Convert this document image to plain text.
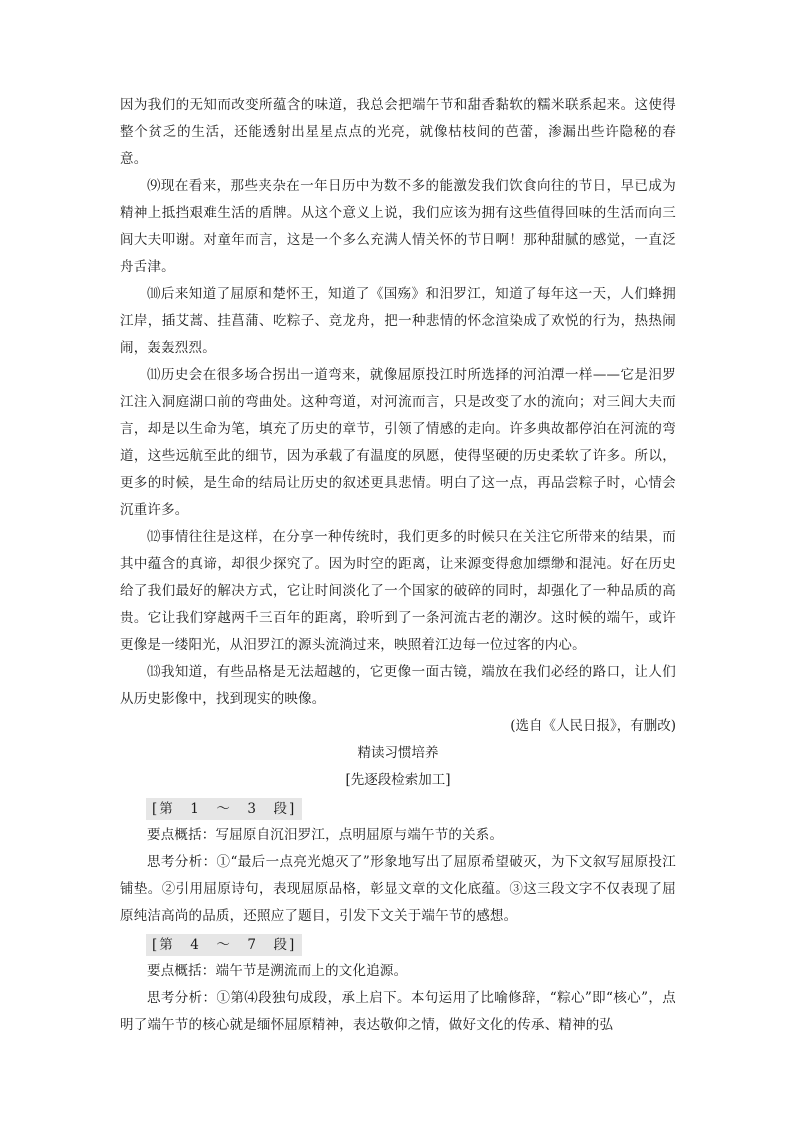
因为我们的无知而改变所蕴含的味道，我总会把端午节和甜香黏软的糯米联系起来。这使得整个贫乏的生活，还能透射出星星点点的光亮，就像枯枝间的芭蕾，渗漏出些许隐秘的春意。

⑼现在看来，那些夹杂在一年日历中为数不多的能激发我们饮食向往的节日，早已成为精神上抵挡艰难生活的盾牌。从这个意义上说，我们应该为拥有这些值得回味的生活而向三闾大夫叩谢。对童年而言，这是一个多么充满人情关怀的节日啊！那种甜腻的感觉，一直泛舟舌津。

⑽后来知道了屈原和楚怀王，知道了《国殇》和汨罗江，知道了每年这一天，人们蜂拥江岸，插艾蒿、挂菖蒲、吃粽子、竞龙舟，把一种悲情的怀念渲染成了欢悦的行为，热热闹闹，轰轰烈烈。

⑾历史会在很多场合拐出一道弯来，就像屈原投江时所选择的河泊潭一样——它是汨罗江注入洞庭湖口前的弯曲处。这种弯道，对河流而言，只是改变了水的流向；对三闾大夫而言，却是以生命为笔，填充了历史的章节，引领了情感的走向。许多典故都停泊在河流的弯道，这些远航至此的细节，因为承载了有温度的夙愿，使得坚硬的历史柔软了许多。所以，更多的时候，是生命的结局让历史的叙述更具悲情。明白了这一点，再品尝粽子时，心情会沉重许多。

⑿事情往往是这样，在分享一种传统时，我们更多的时候只在关注它所带来的结果，而其中蕴含的真谛，却很少探究了。因为时空的距离，让来源变得愈加缥缈和混沌。好在历史给了我们最好的解决方式，它让时间淡化了一个国家的破碎的同时，却强化了一种品质的高贵。它让我们穿越两千三百年的距离，聆听到了一条河流古老的潮汐。这时候的端午，或许更像是一缕阳光，从汨罗江的源头流淌过来，映照着江边每一位过客的内心。

⒀我知道，有些品格是无法超越的，它更像一面古镜，端放在我们必经的路口，让人们从历史影像中，找到现实的映像。

(选自《人民日报》，有删改)

精读习惯培养

[先逐段检索加工]

[第　1　～　3　段]

要点概括：写屈原自沉汨罗江，点明屈原与端午节的关系。

思考分析：①“最后一点亮光熄灭了”形象地写出了屈原希望破灭，为下文叙写屈原投江铺垫。②引用屈原诗句，表现屈原品格，彰显文章的文化底蕴。③这三段文字不仅表现了屈原纯洁高尚的品质，还照应了题目，引发下文关于端午节的感想。

[第　4　～　7　段]

要点概括：端午节是溯流而上的文化追源。

思考分析：①第⑷段独句成段，承上启下。本句运用了比喻修辞，“粽心”即“核心”，点明了端午节的核心就是缅怀屈原精神，表达敬仰之情，做好文化的传承、精神的弘
